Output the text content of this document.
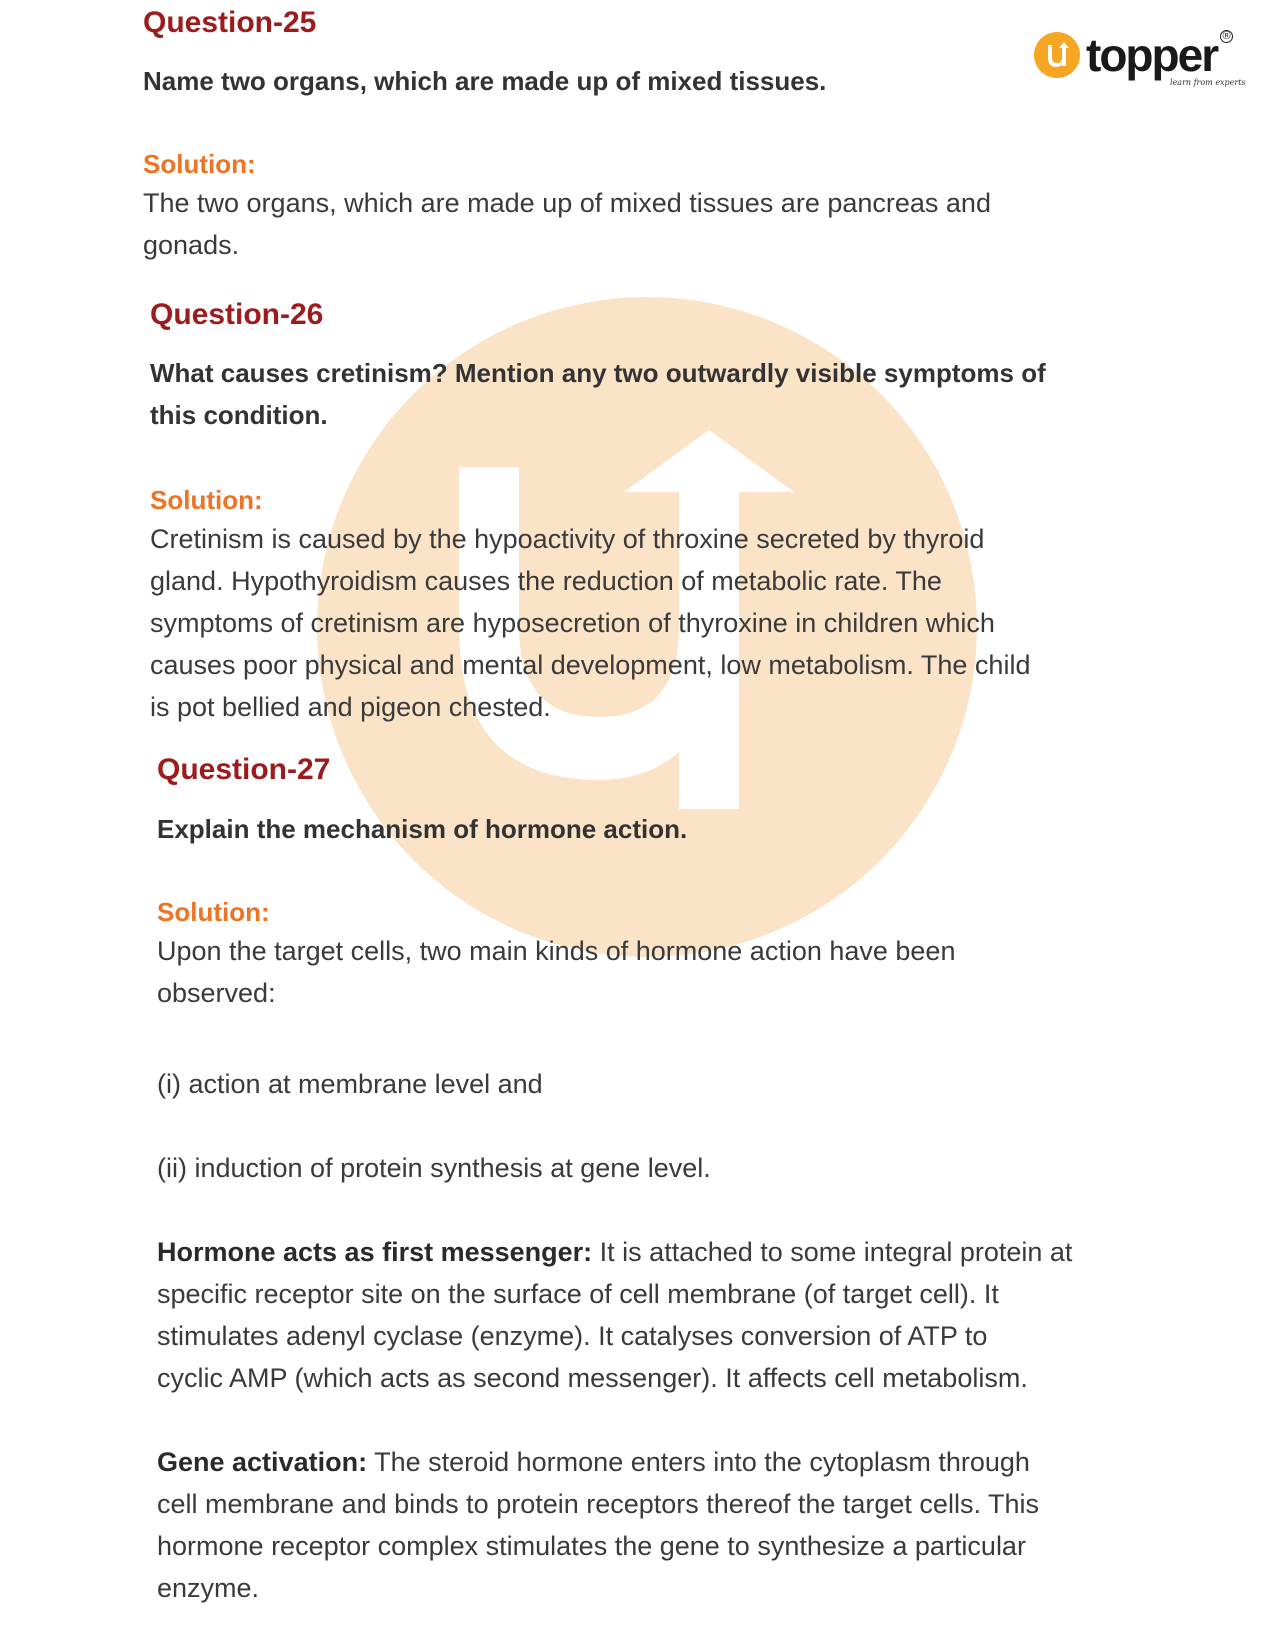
topper ®
learn from experts

Question-25

Name two organs, which are made up of mixed tissues.

Solution:

The two organs, which are made up of mixed tissues are pancreas and

gonads.

Question-26

What causes cretinism? Mention any two outwardly visible symptoms of

this condition.

Solution:

Cretinism is caused by the hypoactivity of throxine secreted by thyroid

gland. Hypothyroidism causes the reduction of metabolic rate. The

symptoms of cretinism are hyposecretion of thyroxine in children which

causes poor physical and mental development, low metabolism. The child

is pot bellied and pigeon chested.

Question-27

Explain the mechanism of hormone action.

Solution:

Upon the target cells, two main kinds of hormone action have been

observed:

(i) action at membrane level and

(ii) induction of protein synthesis at gene level.

Hormone acts as first messenger: It is attached to some integral protein at

specific receptor site on the surface of cell membrane (of target cell). It

stimulates adenyl cyclase (enzyme). It catalyses conversion of ATP to

cyclic AMP (which acts as second messenger). It affects cell metabolism.

Gene activation: The steroid hormone enters into the cytoplasm through

cell membrane and binds to protein receptors thereof the target cells. This

hormone receptor complex stimulates the gene to synthesize a particular

enzyme.
